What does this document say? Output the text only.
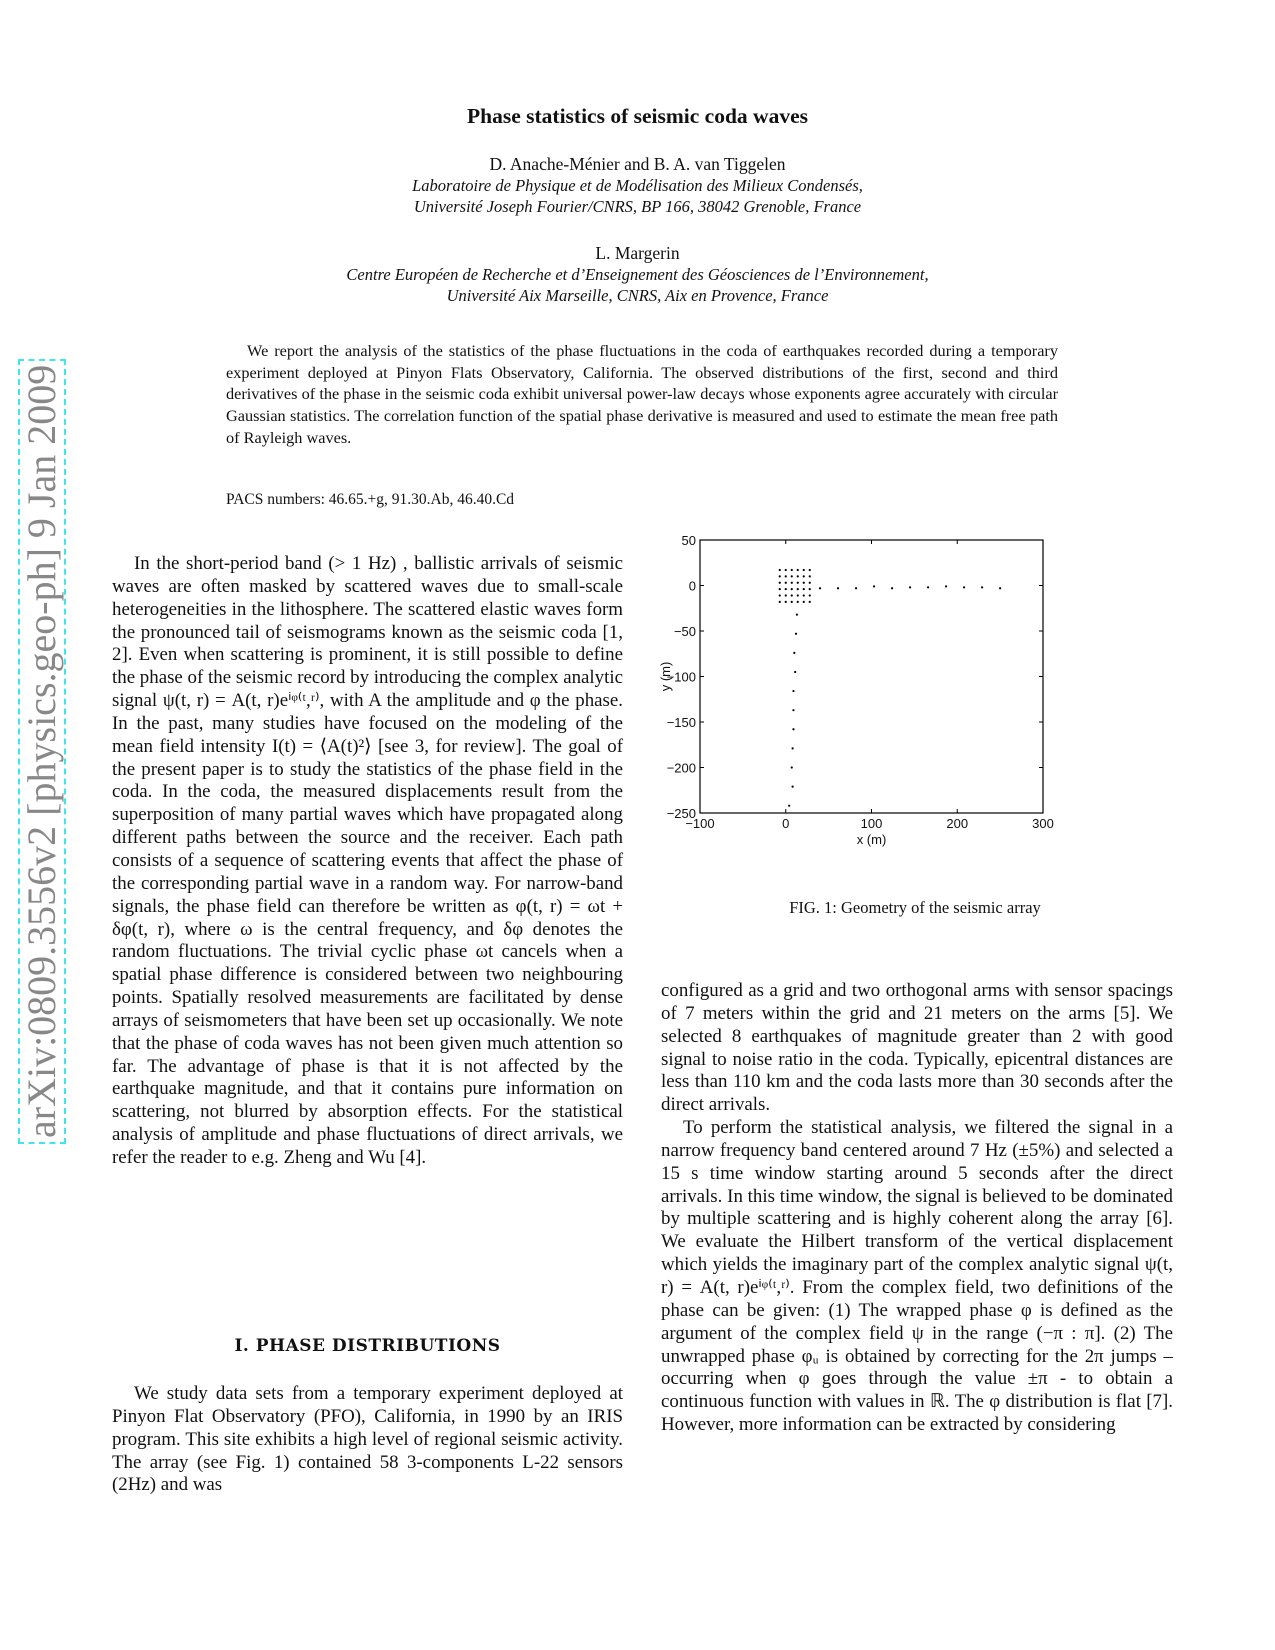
arXiv:0809.3556v2 [physics.geo-ph] 9 Jan 2009
Phase statistics of seismic coda waves
D. Anache-Ménier and B. A. van Tiggelen
Laboratoire de Physique et de Modélisation des Milieux Condensés,
Université Joseph Fourier/CNRS, BP 166, 38042 Grenoble, France
L. Margerin
Centre Européen de Recherche et d’Enseignement des Géosciences de l’Environnement,
Université Aix Marseille, CNRS, Aix en Provence, France
We report the analysis of the statistics of the phase fluctuations in the coda of earthquakes recorded during a temporary experiment deployed at Pinyon Flats Observatory, California. The observed distributions of the first, second and third derivatives of the phase in the seismic coda exhibit universal power-law decays whose exponents agree accurately with circular Gaussian statistics. The correlation function of the spatial phase derivative is measured and used to estimate the mean free path of Rayleigh waves.
PACS numbers: 46.65.+g, 91.30.Ab, 46.40.Cd

In the short-period band (> 1 Hz) , ballistic arrivals of seismic waves are often masked by scattered waves due to small-scale heterogeneities in the lithosphere. The scattered elastic waves form the pronounced tail of seismograms known as the seismic coda [1, 2]. Even when scattering is prominent, it is still possible to define the phase of the seismic record by introducing the complex analytic signal ψ(t, r) = A(t, r)eⁱᵠ⁽ᵗ,ʳ⁾, with A the amplitude and φ the phase. In the past, many studies have focused on the modeling of the mean field intensity I(t) = ⟨A(t)²⟩ [see 3, for review]. The goal of the present paper is to study the statistics of the phase field in the coda. In the coda, the measured displacements result from the superposition of many partial waves which have propagated along different paths between the source and the receiver. Each path consists of a sequence of scattering events that affect the phase of the corresponding partial wave in a random way. For narrow-band signals, the phase field can therefore be written as φ(t, r) = ωt + δφ(t, r), where ω is the central frequency, and δφ denotes the random fluctuations. The trivial cyclic phase ωt cancels when a spatial phase difference is considered between two neighbouring points. Spatially resolved measurements are facilitated by dense arrays of seismometers that have been set up occasionally. We note that the phase of coda waves has not been given much attention so far. The advantage of phase is that it is not affected by the earthquake magnitude, and that it contains pure information on scattering, not blurred by absorption effects. For the statistical analysis of amplitude and phase fluctuations of direct arrivals, we refer the reader to e.g. Zheng and Wu [4].

I. PHASE DISTRIBUTIONS

We study data sets from a temporary experiment deployed at Pinyon Flat Observatory (PFO), California, in 1990 by an IRIS program. This site exhibits a high level of regional seismic activity. The array (see Fig. 1) contained 58 3-components L-22 sensors (2Hz) and was

−100	0	100	200	300
50
0
−50
−100
−150
−200
−250
x (m)
y (m)
FIG. 1: Geometry of the seismic array

configured as a grid and two orthogonal arms with sensor spacings of 7 meters within the grid and 21 meters on the arms [5]. We selected 8 earthquakes of magnitude greater than 2 with good signal to noise ratio in the coda. Typically, epicentral distances are less than 110 km and the coda lasts more than 30 seconds after the direct arrivals.

To perform the statistical analysis, we filtered the signal in a narrow frequency band centered around 7 Hz (±5%) and selected a 15 s time window starting around 5 seconds after the direct arrivals. In this time window, the signal is believed to be dominated by multiple scattering and is highly coherent along the array [6]. We evaluate the Hilbert transform of the vertical displacement which yields the imaginary part of the complex analytic signal ψ(t, r) = A(t, r)eⁱᵠ⁽ᵗ,ʳ⁾. From the complex field, two definitions of the phase can be given: (1) The wrapped phase φ is defined as the argument of the complex field ψ in the range (−π : π]. (2) The unwrapped phase φᵤ is obtained by correcting for the 2π jumps – occurring when φ goes through the value ±π - to obtain a continuous function with values in ℝ. The φ distribution is flat [7]. However, more information can be extracted by considering
